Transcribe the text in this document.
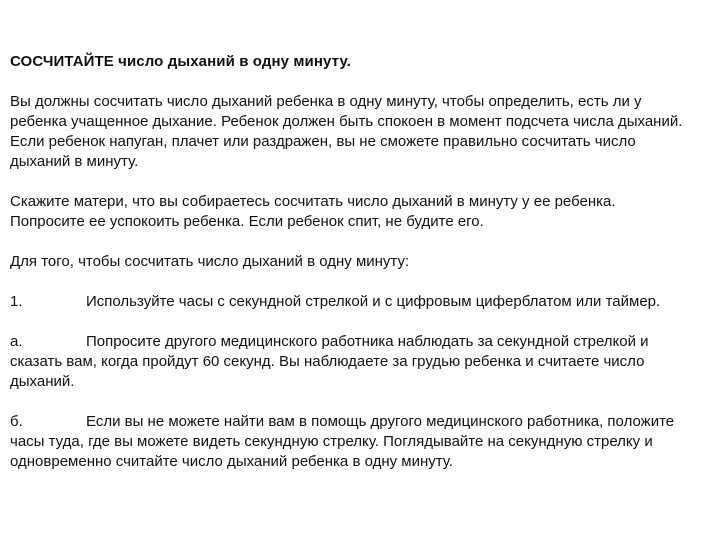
СОСЧИТАЙТЕ число дыханий в одну минуту.

Вы должны сосчитать число дыханий ребенка в одну минуту, чтобы определить, есть ли у ребенка учащенное дыхание. Ребенок должен быть спокоен в момент подсчета числа дыханий. Если ребенок напуган, плачет или раздражен, вы не сможете правильно сосчитать число дыханий в минуту.

Скажите матери, что вы собираетесь сосчитать число дыханий в минуту у ее ребенка. Попросите ее успокоить ребенка. Если ребенок спит, не будите его.

Для того, чтобы сосчитать число дыханий в одну минуту:

1.	Используйте часы с секундной стрелкой и с цифровым циферблатом или таймер.
а.	Попросите другого медицинского работника наблюдать за секундной стрелкой и сказать вам, когда пройдут 60 секунд. Вы наблюдаете за грудью ребенка и считаете число дыханий.
б.	Если вы не можете найти вам в помощь другого медицинского работника, положите часы туда, где вы можете видеть секундную стрелку. Поглядывайте на секундную стрелку и одновременно считайте число дыханий ребенка в одну минуту.
